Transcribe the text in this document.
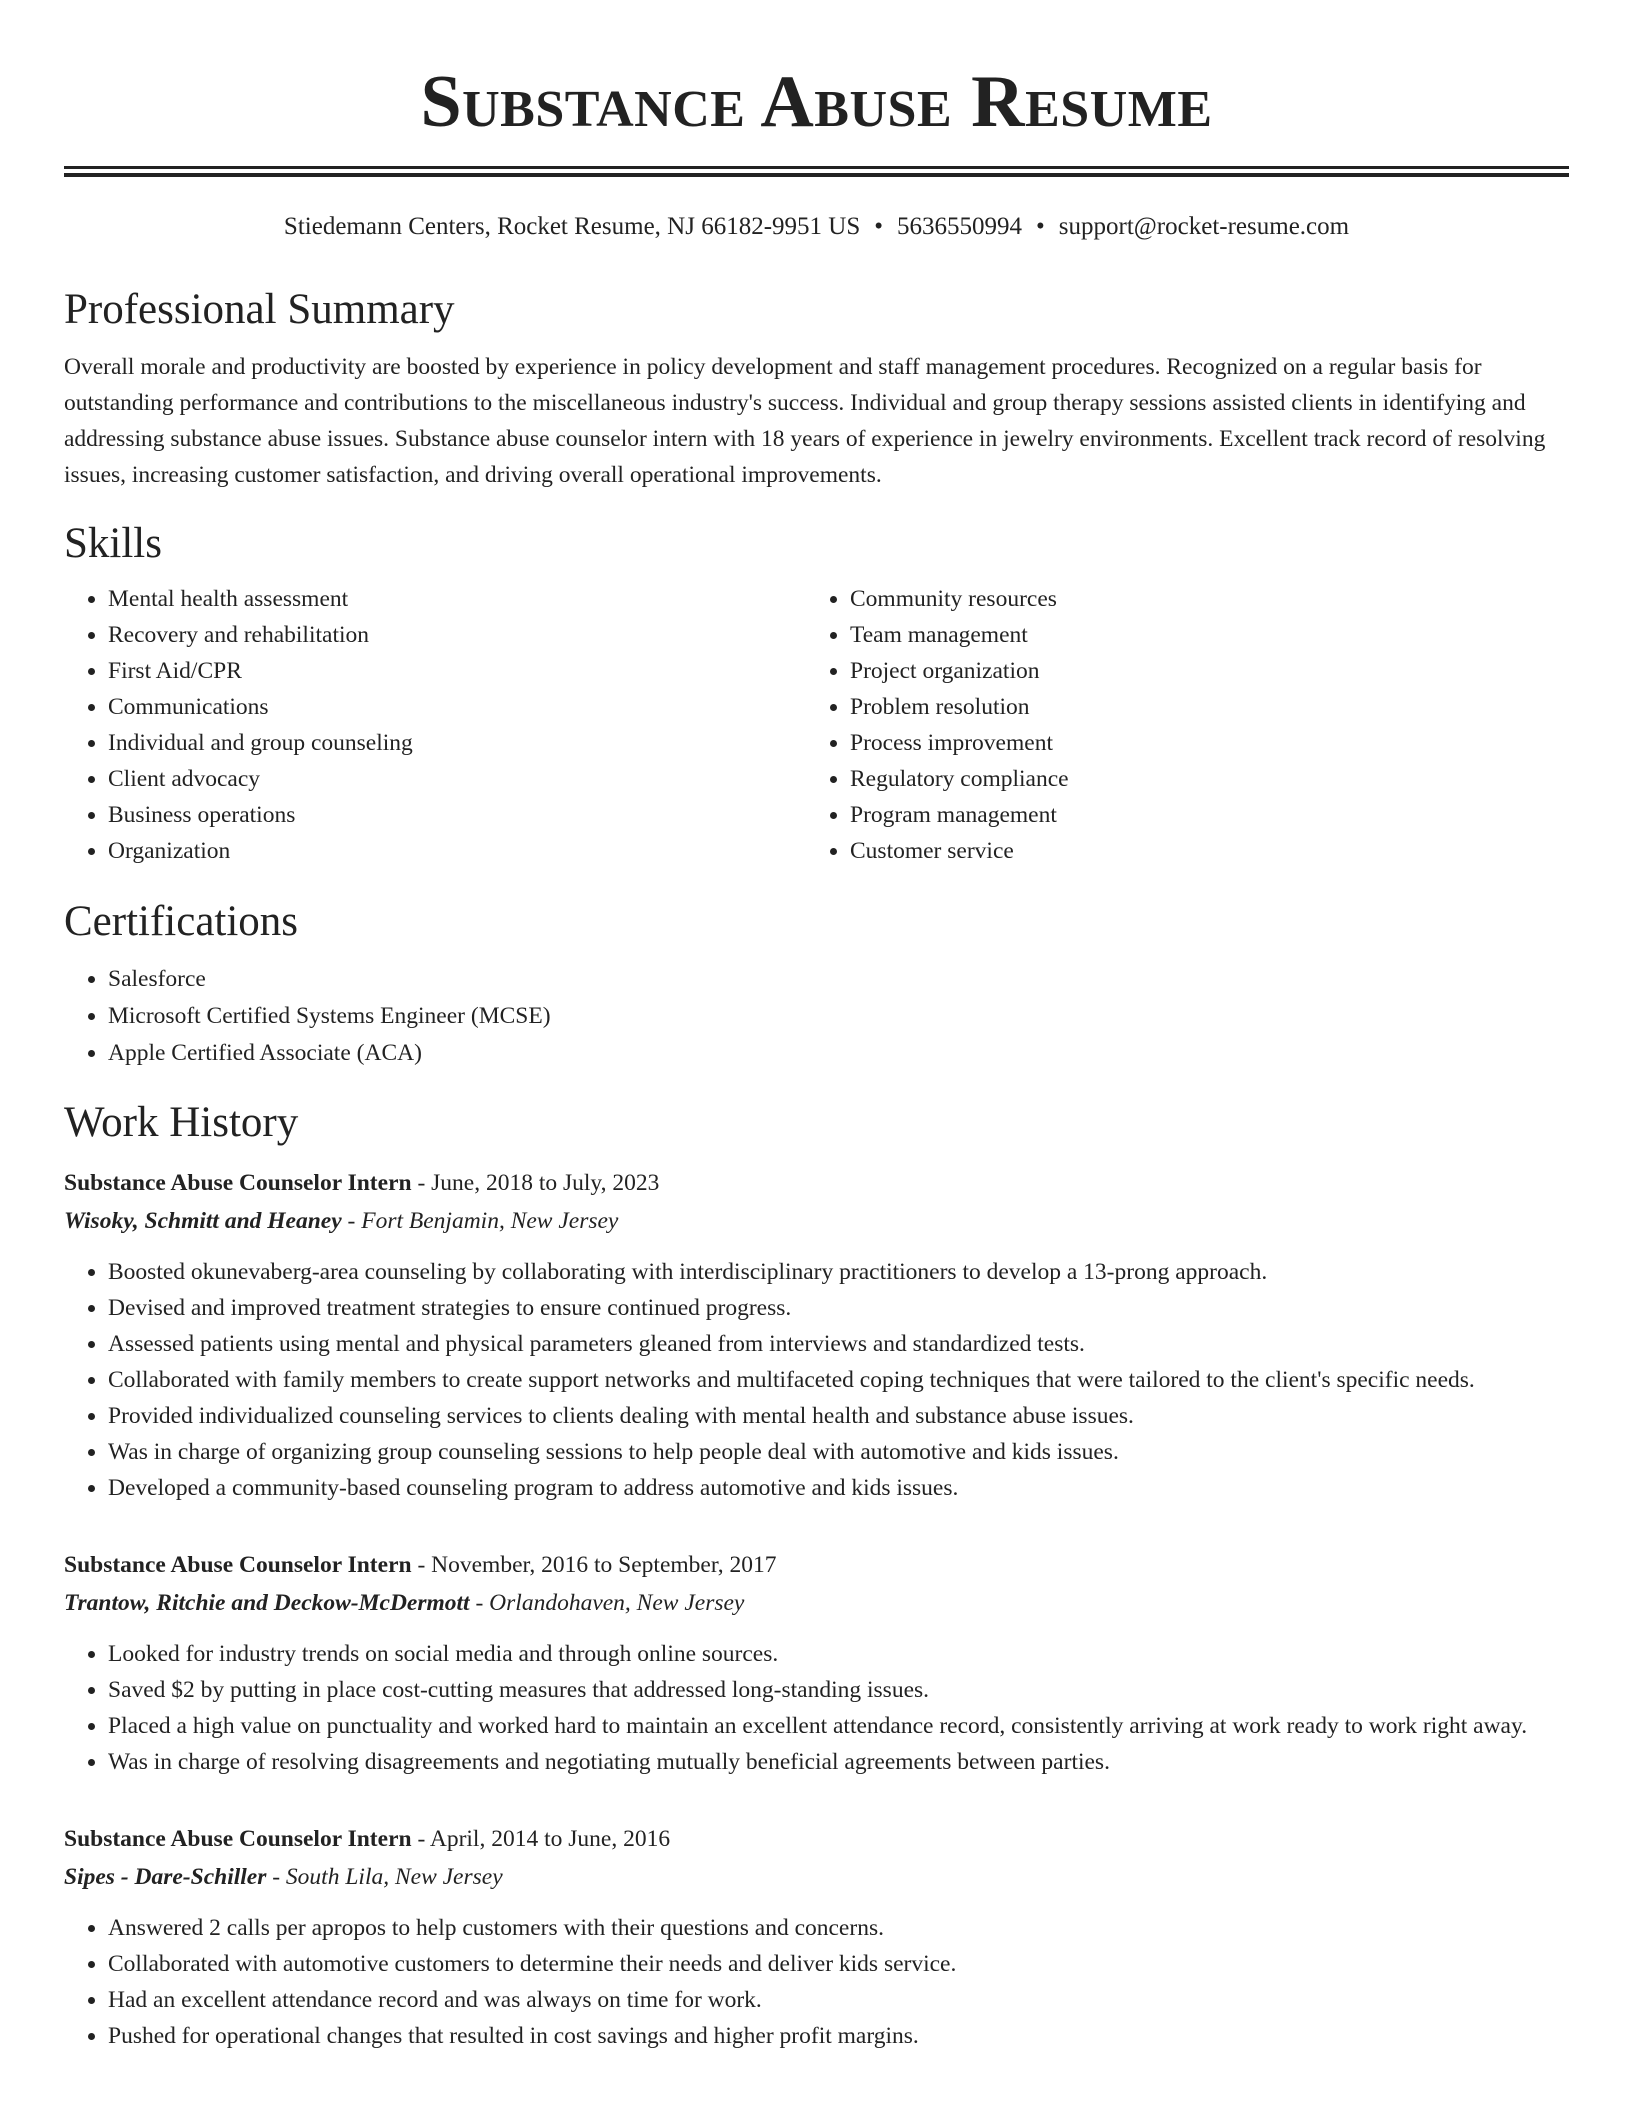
Substance Abuse Resume
Stiedemann Centers, Rocket Resume, NJ 66182-9951 US • 5636550994 • support@rocket-resume.com
Professional Summary
Overall morale and productivity are boosted by experience in policy development and staff management procedures. Recognized on a regular basis for outstanding performance and contributions to the miscellaneous industry's success. Individual and group therapy sessions assisted clients in identifying and addressing substance abuse issues. Substance abuse counselor intern with 18 years of experience in jewelry environments. Excellent track record of resolving issues, increasing customer satisfaction, and driving overall operational improvements.
Skills
• Mental health assessment
• Recovery and rehabilitation
• First Aid/CPR
• Communications
• Individual and group counseling
• Client advocacy
• Business operations
• Organization
• Community resources
• Team management
• Project organization
• Problem resolution
• Process improvement
• Regulatory compliance
• Program management
• Customer service
Certifications
• Salesforce
• Microsoft Certified Systems Engineer (MCSE)
• Apple Certified Associate (ACA)
Work History
Substance Abuse Counselor Intern - June, 2018 to July, 2023
Wisoky, Schmitt and Heaney - Fort Benjamin, New Jersey
• Boosted okunevaberg-area counseling by collaborating with interdisciplinary practitioners to develop a 13-prong approach.
• Devised and improved treatment strategies to ensure continued progress.
• Assessed patients using mental and physical parameters gleaned from interviews and standardized tests.
• Collaborated with family members to create support networks and multifaceted coping techniques that were tailored to the client's specific needs.
• Provided individualized counseling services to clients dealing with mental health and substance abuse issues.
• Was in charge of organizing group counseling sessions to help people deal with automotive and kids issues.
• Developed a community-based counseling program to address automotive and kids issues.
Substance Abuse Counselor Intern - November, 2016 to September, 2017
Trantow, Ritchie and Deckow-McDermott - Orlandohaven, New Jersey
• Looked for industry trends on social media and through online sources.
• Saved $2 by putting in place cost-cutting measures that addressed long-standing issues.
• Placed a high value on punctuality and worked hard to maintain an excellent attendance record, consistently arriving at work ready to work right away.
• Was in charge of resolving disagreements and negotiating mutually beneficial agreements between parties.
Substance Abuse Counselor Intern - April, 2014 to June, 2016
Sipes - Dare-Schiller - South Lila, New Jersey
• Answered 2 calls per apropos to help customers with their questions and concerns.
• Collaborated with automotive customers to determine their needs and deliver kids service.
• Had an excellent attendance record and was always on time for work.
• Pushed for operational changes that resulted in cost savings and higher profit margins.
